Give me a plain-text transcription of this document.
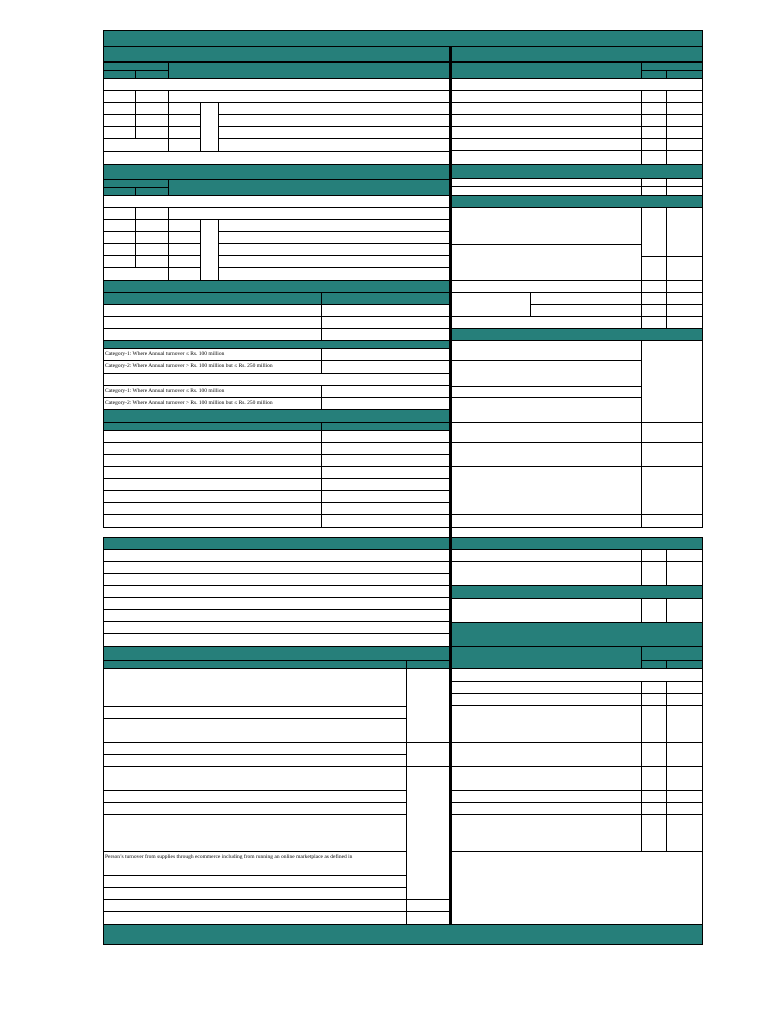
Category-1: Where Annual turnover ≤ Rs. 100 million
Category-2: Where Annual turnover > Rs. 100 million but ≤ Rs. 250 million
Category-1: Where Annual turnover ≤ Rs. 100 million
Category-2: Where Annual turnover > Rs. 100 million but ≤ Rs. 250 million
Person’s turnover from supplies through ecommerce including from running an online marketplace as defined in
